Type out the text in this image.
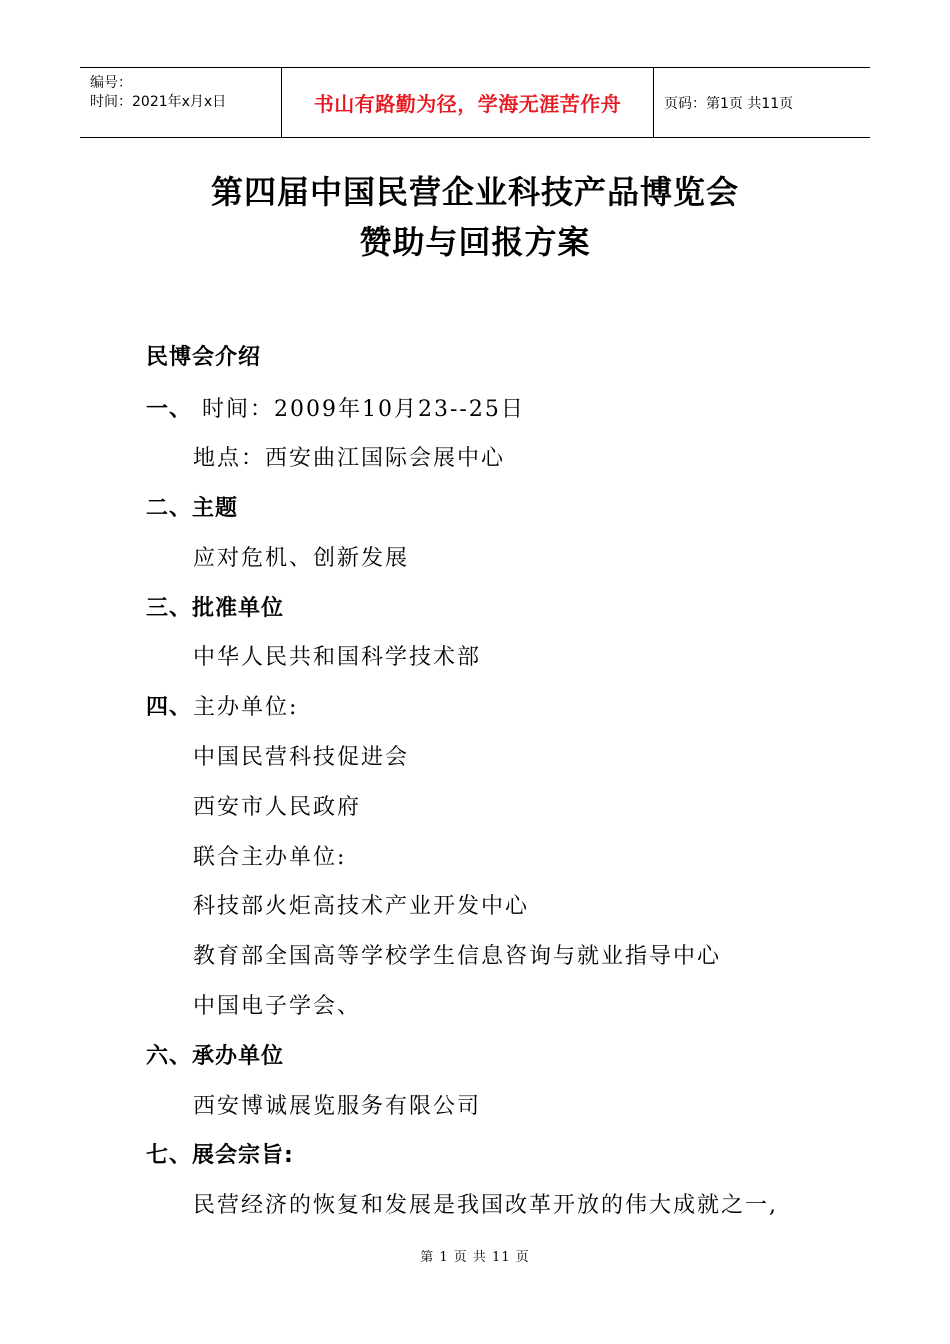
编号：
时间：2021年x月x日	书山有路勤为径，学海无涯苦作舟	页码：第1页 共11页
第四届中国民营企业科技产品博览会
赞助与回报方案
民博会介绍
一、 时间：2009年10月23--25日
地点：西安曲江国际会展中心
二、主题
应对危机、创新发展
三、批准单位
中华人民共和国科学技术部
四、 主办单位:
中国民营科技促进会
西安市人民政府
联合主办单位:
科技部火炬高技术产业开发中心
教育部全国高等学校学生信息咨询与就业指导中心
中国电子学会、
六、承办单位
西安博诚展览服务有限公司
七、展会宗旨:
民营经济的恢复和发展是我国改革开放的伟大成就之一,
第 1 页 共 11 页
